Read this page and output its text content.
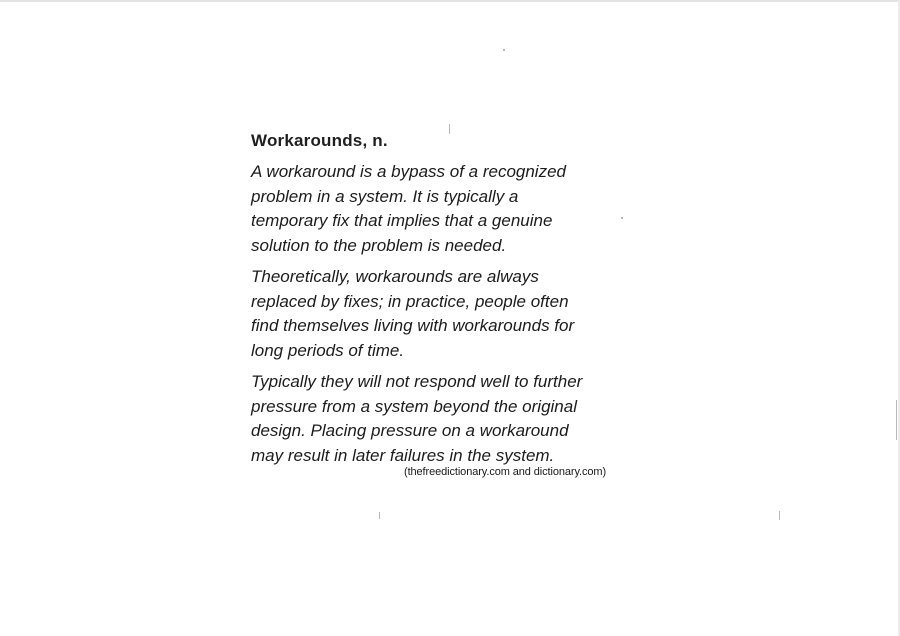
Workarounds, n.

A workaround is a bypass of a recognized
problem in a system. It is typically a
temporary fix that implies that a genuine
solution to the problem is needed.

Theoretically, workarounds are always
replaced by fixes; in practice, people often
find themselves living with workarounds for
long periods of time.

Typically they will not respond well to further
pressure from a system beyond the original
design. Placing pressure on a workaround
may result in later failures in the system.

(thefreedictionary.com and dictionary.com)
